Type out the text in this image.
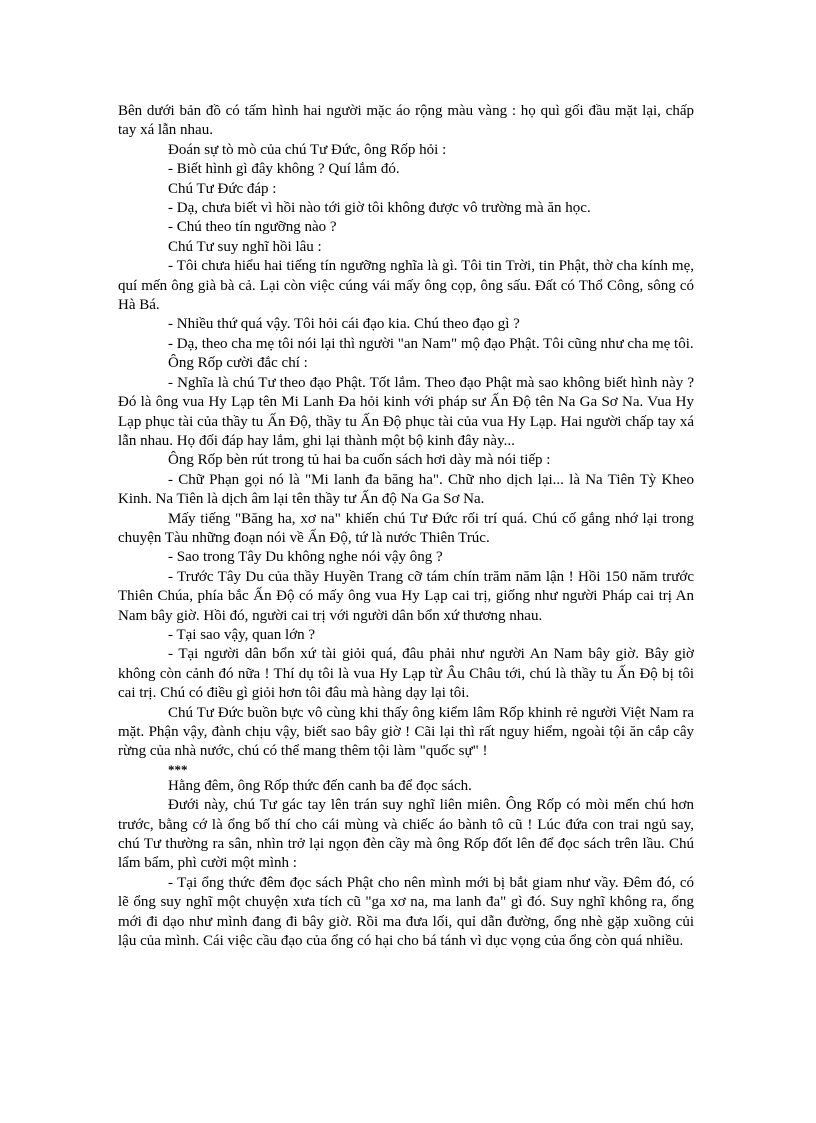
Bên dưới bản đồ có tấm hình hai người mặc áo rộng màu vàng : họ quì gối đầu mặt lại, chấp tay xá lẫn nhau.

Đoán sự tò mò của chú Tư Đức, ông Rốp hỏi :

- Biết hình gì đây không ? Quí lắm đó.

Chú Tư Đức đáp :

- Dạ, chưa biết vì hồi nào tới giờ tôi không được vô trường mà ăn học.

- Chú theo tín ngưỡng nào ?

Chú Tư suy nghĩ hồi lâu :

- Tôi chưa hiểu hai tiếng tín ngưỡng nghĩa là gì. Tôi tin Trời, tin Phật, thờ cha kính mẹ, quí mến ông già bà cả. Lại còn việc cúng vái mấy ông cọp, ông sấu. Đất có Thổ Công, sông có Hà Bá.

- Nhiều thứ quá vậy. Tôi hỏi cái đạo kia. Chú theo đạo gì ?

- Dạ, theo cha mẹ tôi nói lại thì người "an Nam" mộ đạo Phật. Tôi cũng như cha mẹ tôi.

Ông Rốp cười đắc chí :

- Nghĩa là chú Tư theo đạo Phật. Tốt lắm. Theo đạo Phật mà sao không biết hình này ? Đó là ông vua Hy Lạp tên Mi Lanh Đa hỏi kinh với pháp sư Ấn Độ tên Na Ga Sơ Na. Vua Hy Lạp phục tài của thầy tu Ấn Độ, thầy tu Ấn Độ phục tài của vua Hy Lạp. Hai người chấp tay xá lẫn nhau. Họ đối đáp hay lắm, ghi lại thành một bộ kinh đây này...

Ông Rốp bèn rút trong tủ hai ba cuốn sách hơi dày mà nói tiếp :

- Chữ Phạn gọi nó là "Mi lanh đa băng ha". Chữ nho dịch lại... là Na Tiên Tỳ Kheo Kinh. Na Tiên là dịch âm lại tên thầy tư Ấn độ Na Ga Sơ Na.

Mấy tiếng "Băng ha, xơ na" khiến chú Tư Đức rối trí quá. Chú cố gắng nhớ lại trong chuyện Tàu những đoạn nói về Ấn Độ, tứ là nước Thiên Trúc.

- Sao trong Tây Du không nghe nói vậy ông ?

- Trước Tây Du của thầy Huyền Trang cỡ tám chín trăm năm lận ! Hồi 150 năm trước Thiên Chúa, phía bắc Ấn Độ có mấy ông vua Hy Lạp cai trị, giống như người Pháp cai trị An Nam bây giờ. Hồi đó, người cai trị với người dân bổn xứ thương nhau.

- Tại sao vậy, quan lớn ?

- Tại người dân bổn xứ tài giỏi quá, đâu phải như người An Nam bây giờ. Bây giờ không còn cảnh đó nữa ! Thí dụ tôi là vua Hy Lạp từ Âu Châu tới, chú là thầy tu Ấn Độ bị tôi cai trị. Chú có điều gì giỏi hơn tôi đâu mà hàng dạy lại tôi.

Chú Tư Đức buồn bực vô cùng khi thấy ông kiểm lâm Rốp khinh rẻ người Việt Nam ra mặt. Phận vậy, đành chịu vậy, biết sao bây giờ ! Cãi lại thì rất nguy hiểm, ngoài tội ăn cắp cây rừng của nhà nước, chú có thể mang thêm tội làm "quốc sự" !

***

Hằng đêm, ông Rốp thức đến canh ba để đọc sách.

Đưới này, chú Tư gác tay lên trán suy nghĩ liên miên. Ông Rốp có mòi mến chú hơn trước, bằng cớ là ổng bố thí cho cái mùng và chiếc áo bành tô cũ ! Lúc đứa con trai ngủ say, chú Tư thường ra sân, nhìn trở lại ngọn đèn cầy mà ông Rốp đốt lên để đọc sách trên lầu. Chú lẩm bẩm, phì cười một mình :

- Tại ổng thức đêm đọc sách Phật cho nên mình mới bị bắt giam như vầy. Đêm đó, có lẽ ổng suy nghĩ một chuyện xưa tích cũ "ga xơ na, ma lanh đa" gì đó. Suy nghĩ không ra, ổng mới đi dạo như mình đang đi bây giờ. Rồi ma đưa lối, quỉ dẫn đường, ổng nhè gặp xuồng củi lậu của mình. Cái việc cầu đạo của ổng có hại cho bá tánh vì dục vọng của ổng còn quá nhiều.
